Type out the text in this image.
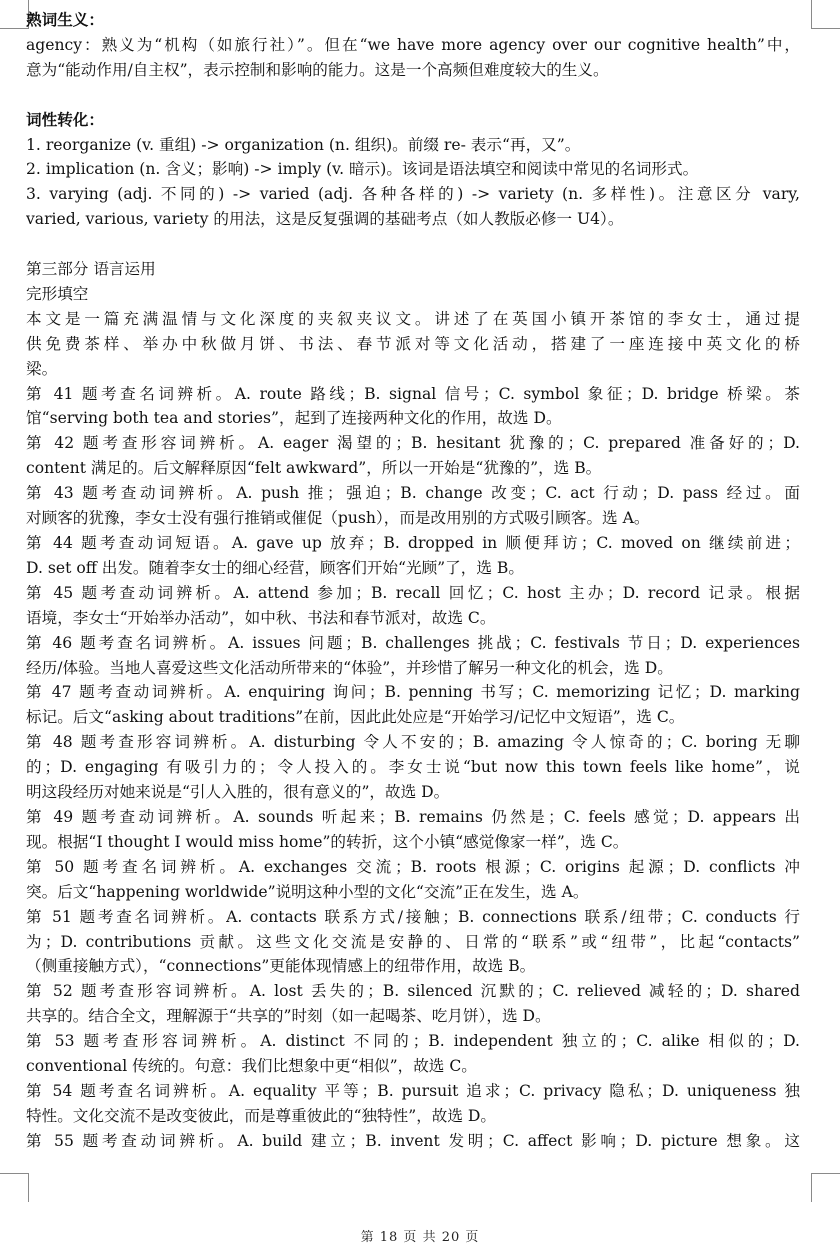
熟词生义：
agency：熟义为“机构（如旅行社）”。但在“we have more agency over our cognitive health”中，
意为“能动作用/自主权”，表示控制和影响的能力。这是一个高频但难度较大的生义。
词性转化：
1. reorganize (v. 重组) -> organization (n. 组织)。前缀 re- 表示“再，又”。
2. implication (n. 含义；影响) -> imply (v. 暗示)。该词是语法填空和阅读中常见的名词形式。
3. varying (adj. 不同的) -> varied (adj. 各种各样的) -> variety (n. 多样性)。注意区分 vary,
varied, various, variety 的用法，这是反复强调的基础考点（如人教版必修一 U4）。
第三部分 语言运用
完形填空
本文是一篇充满温情与文化深度的夹叙夹议文。讲述了在英国小镇开茶馆的李女士，通过提
供免费茶样、举办中秋做月饼、书法、春节派对等文化活动，搭建了一座连接中英文化的桥
梁。
第 41 题考查名词辨析。A. route 路线；B. signal 信号；C. symbol 象征；D. bridge 桥梁。茶
馆“serving both tea and stories”，起到了连接两种文化的作用，故选 D。
第 42 题考查形容词辨析。A. eager 渴望的；B. hesitant 犹豫的；C. prepared 准备好的；D.
content 满足的。后文解释原因“felt awkward”，所以一开始是“犹豫的”，选 B。
第 43 题考查动词辨析。A. push 推；强迫；B. change 改变；C. act 行动；D. pass 经过。面
对顾客的犹豫，李女士没有强行推销或催促（push），而是改用别的方式吸引顾客。选 A。
第 44 题考查动词短语。A. gave up 放弃；B. dropped in 顺便拜访；C. moved on 继续前进；
D. set off 出发。随着李女士的细心经营，顾客们开始“光顾”了，选 B。
第 45 题考查动词辨析。A. attend 参加；B. recall 回忆；C. host 主办；D. record 记录。根据
语境，李女士“开始举办活动”，如中秋、书法和春节派对，故选 C。
第 46 题考查名词辨析。A. issues 问题；B. challenges 挑战；C. festivals 节日；D. experiences
经历/体验。当地人喜爱这些文化活动所带来的“体验”，并珍惜了解另一种文化的机会，选 D。
第 47 题考查动词辨析。A. enquiring 询问；B. penning 书写；C. memorizing 记忆；D. marking
标记。后文“asking about traditions”在前，因此此处应是“开始学习/记忆中文短语”，选 C。
第 48 题考查形容词辨析。A. disturbing 令人不安的；B. amazing 令人惊奇的；C. boring 无聊
的；D. engaging 有吸引力的；令人投入的。李女士说“but now this town feels like home”，说
明这段经历对她来说是“引人入胜的，很有意义的”，故选 D。
第 49 题考查动词辨析。A. sounds 听起来；B. remains 仍然是；C. feels 感觉；D. appears 出
现。根据“I thought I would miss home”的转折，这个小镇“感觉像家一样”，选 C。
第 50 题考查名词辨析。A. exchanges 交流；B. roots 根源；C. origins 起源；D. conflicts 冲
突。后文“happening worldwide”说明这种小型的文化“交流”正在发生，选 A。
第 51 题考查名词辨析。A. contacts 联系方式/接触；B. connections 联系/纽带；C. conducts 行
为；D. contributions 贡献。这些文化交流是安静的、日常的“联系”或“纽带”，比起“contacts”
（侧重接触方式），“connections”更能体现情感上的纽带作用，故选 B。
第 52 题考查形容词辨析。A. lost 丢失的；B. silenced 沉默的；C. relieved 减轻的；D. shared
共享的。结合全文，理解源于“共享的”时刻（如一起喝茶、吃月饼），选 D。
第 53 题考查形容词辨析。A. distinct 不同的；B. independent 独立的；C. alike 相似的；D.
conventional 传统的。句意：我们比想象中更“相似”，故选 C。
第 54 题考查名词辨析。A. equality 平等；B. pursuit 追求；C. privacy 隐私；D. uniqueness 独
特性。文化交流不是改变彼此，而是尊重彼此的“独特性”，故选 D。
第 55 题考查动词辨析。A. build 建立；B. invent 发明；C. affect 影响；D. picture 想象。这
第 18 页 共 20 页
